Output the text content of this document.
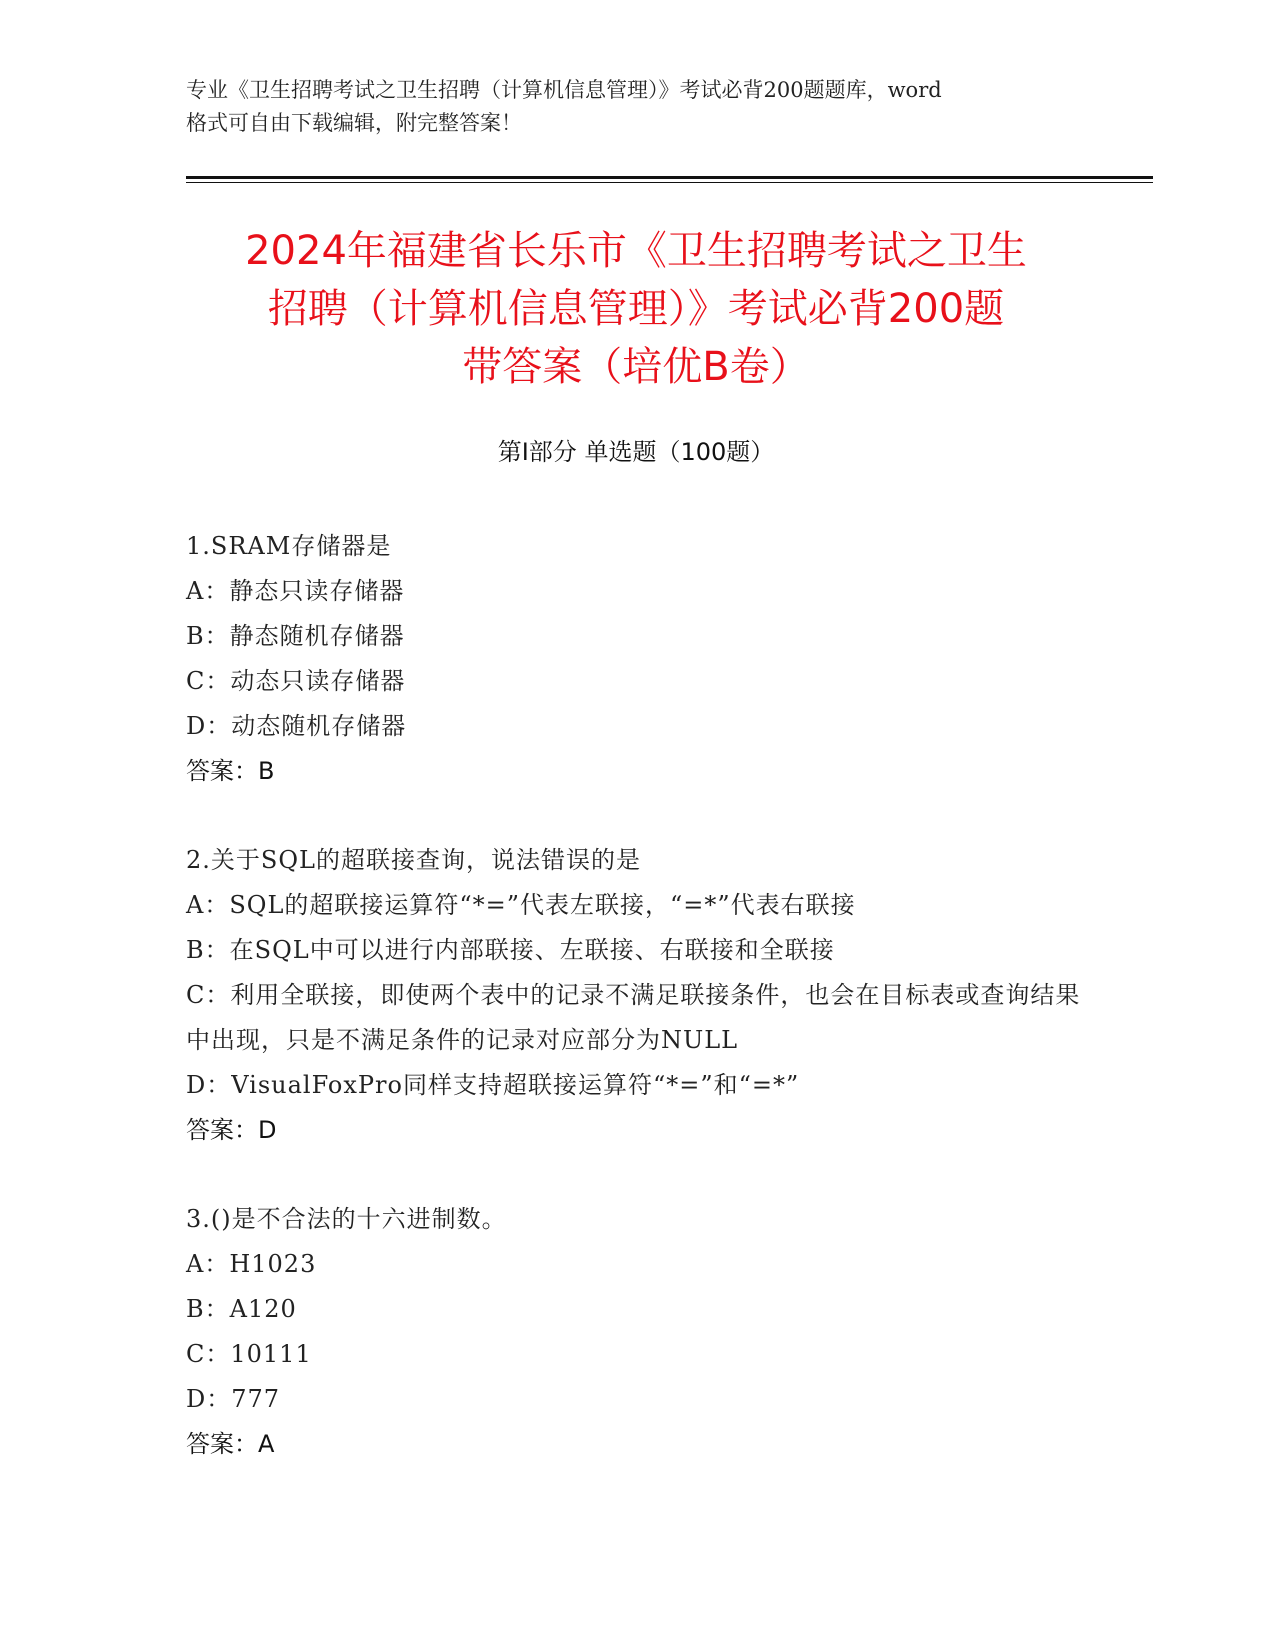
专业《卫生招聘考试之卫生招聘（计算机信息管理）》考试必背200题题库，word
格式可自由下载编辑，附完整答案！
2024年福建省长乐市《卫生招聘考试之卫生
招聘（计算机信息管理）》考试必背200题
带答案（培优B卷）
第I部分 单选题（100题）
1.SRAM存储器是
A：静态只读存储器
B：静态随机存储器
C：动态只读存储器
D：动态随机存储器
答案：B
2.关于SQL的超联接查询，说法错误的是
A：SQL的超联接运算符“*=”代表左联接，“=*”代表右联接
B：在SQL中可以进行内部联接、左联接、右联接和全联接
C：利用全联接，即使两个表中的记录不满足联接条件，也会在目标表或查询结果中出现，只是不满足条件的记录对应部分为NULL
D：VisualFoxPro同样支持超联接运算符“*=”和“=*”
答案：D
3.()是不合法的十六进制数。
A：H1023
B：A120
C：10111
D：777
答案：A
